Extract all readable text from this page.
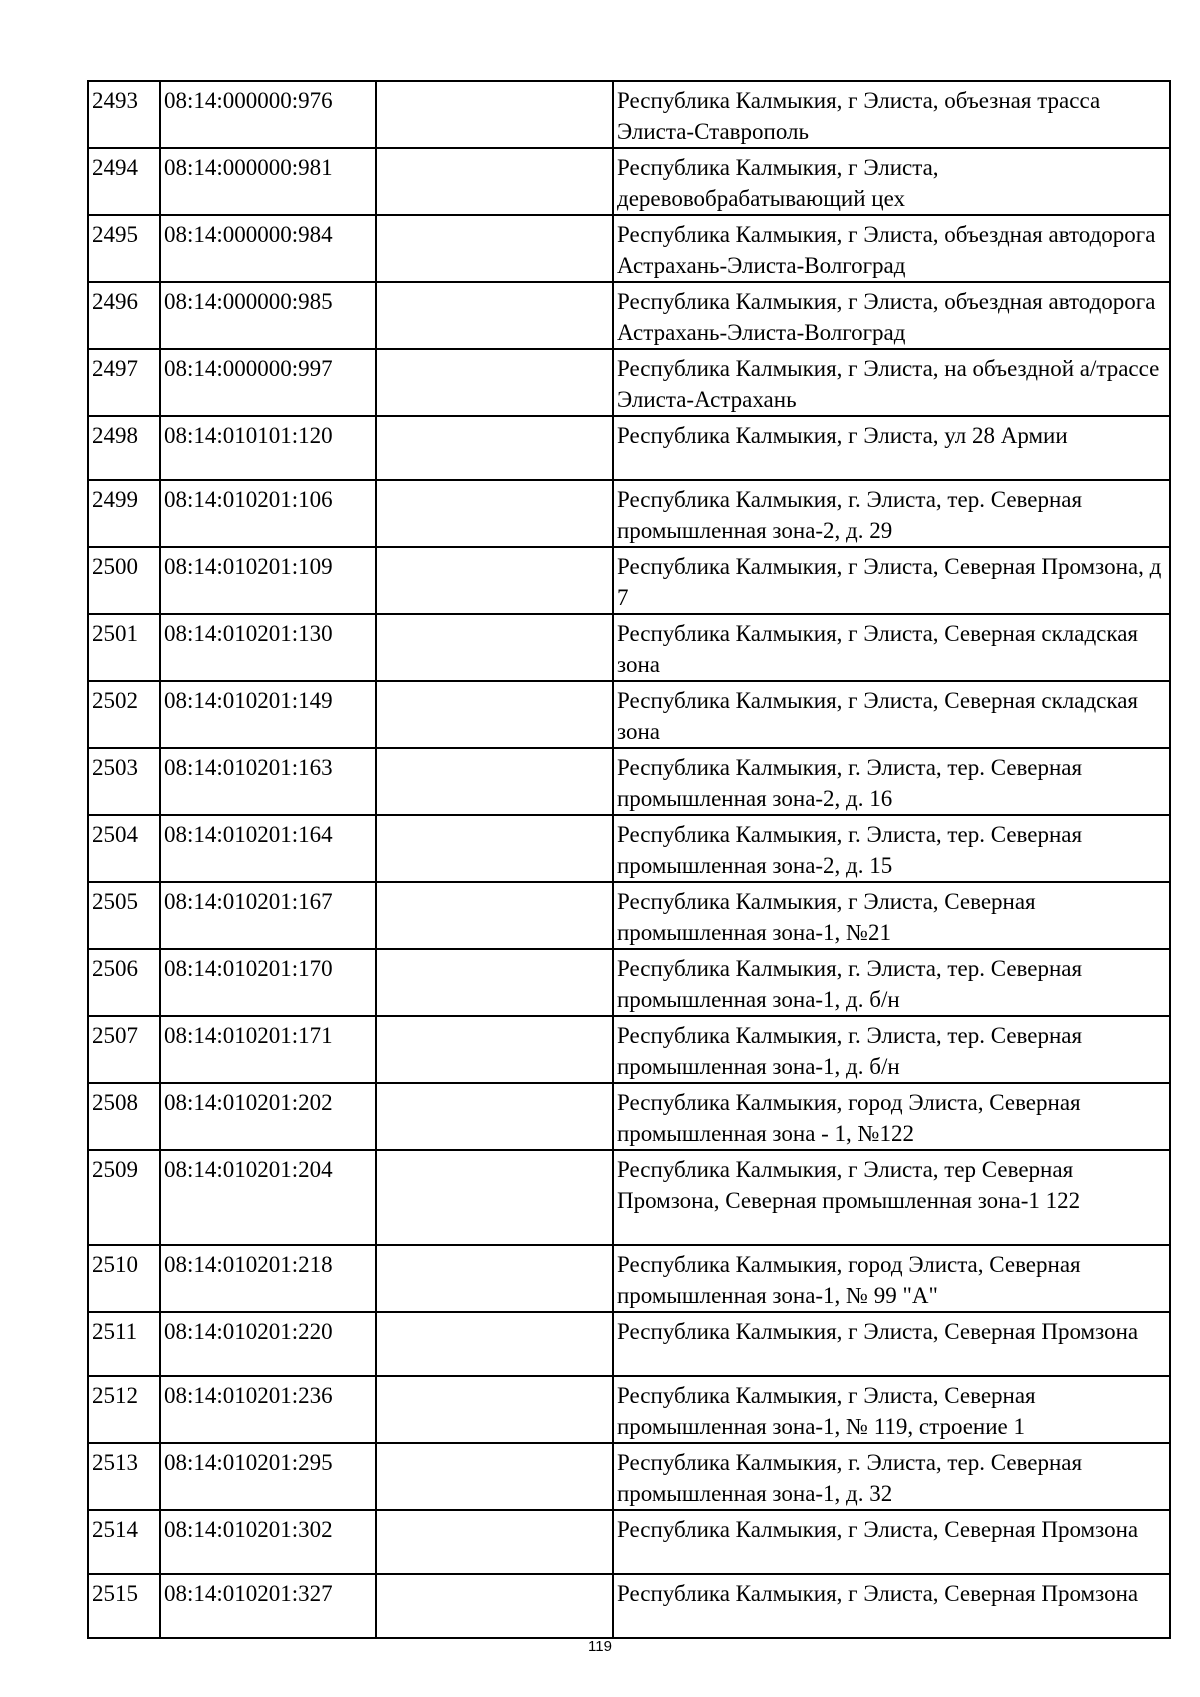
2493	08:14:000000:976		Республика Калмыкия, г Элиста, объезная трасса Элиста-Ставрополь
2494	08:14:000000:981		Республика Калмыкия, г Элиста, деревовобрабатывающий цех
2495	08:14:000000:984		Республика Калмыкия, г Элиста, объездная автодорога Астрахань-Элиста-Волгоград
2496	08:14:000000:985		Республика Калмыкия, г Элиста, объездная автодорога Астрахань-Элиста-Волгоград
2497	08:14:000000:997		Республика Калмыкия, г Элиста, на объездной а/трассе Элиста-Астрахань
2498	08:14:010101:120		Республика Калмыкия, г Элиста, ул 28 Армии
2499	08:14:010201:106		Республика Калмыкия, г. Элиста, тер. Северная промышленная зона-2, д. 29
2500	08:14:010201:109		Республика Калмыкия, г Элиста, Северная Промзона, д 7
2501	08:14:010201:130		Республика Калмыкия, г Элиста, Северная складская зона
2502	08:14:010201:149		Республика Калмыкия, г Элиста, Северная складская зона
2503	08:14:010201:163		Республика Калмыкия, г. Элиста, тер. Северная промышленная зона-2, д. 16
2504	08:14:010201:164		Республика Калмыкия, г. Элиста, тер. Северная промышленная зона-2, д. 15
2505	08:14:010201:167		Республика Калмыкия, г Элиста, Северная промышленная зона-1, №21
2506	08:14:010201:170		Республика Калмыкия, г. Элиста, тер. Северная промышленная зона-1, д. б/н
2507	08:14:010201:171		Республика Калмыкия, г. Элиста, тер. Северная промышленная зона-1, д. б/н
2508	08:14:010201:202		Республика Калмыкия, город Элиста, Северная промышленная зона - 1, №122
2509	08:14:010201:204		Республика Калмыкия, г Элиста, тер Северная Промзона, Северная промышленная зона-1 122
2510	08:14:010201:218		Республика Калмыкия, город Элиста, Северная промышленная зона-1, № 99 "А"
2511	08:14:010201:220		Республика Калмыкия, г Элиста, Северная Промзона
2512	08:14:010201:236		Республика Калмыкия, г Элиста, Северная промышленная зона-1, № 119, строение 1
2513	08:14:010201:295		Республика Калмыкия, г. Элиста, тер. Северная промышленная зона-1, д. 32
2514	08:14:010201:302		Республика Калмыкия, г Элиста, Северная Промзона
2515	08:14:010201:327		Республика Калмыкия, г Элиста, Северная Промзона
119
